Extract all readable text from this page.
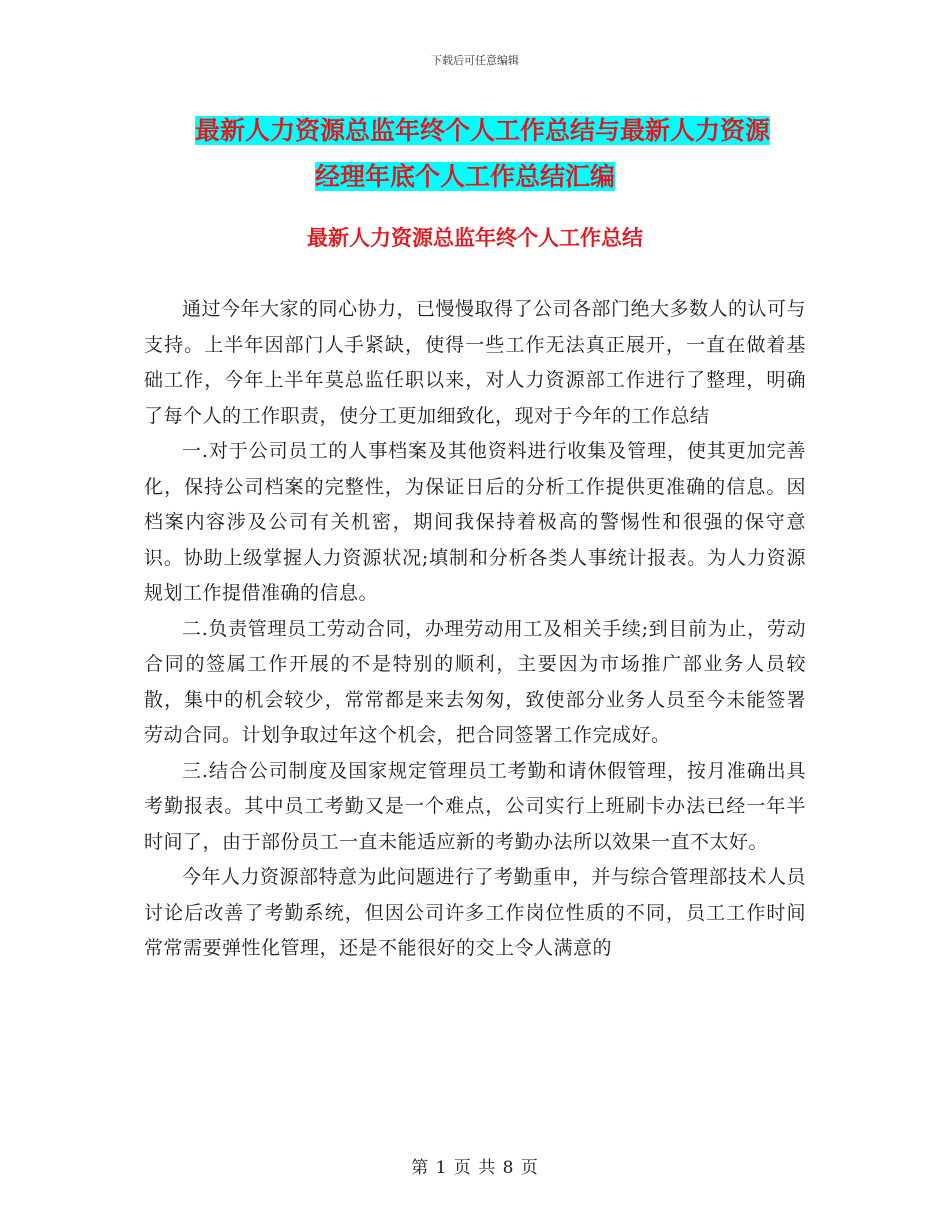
下载后可任意编辑
最新人力资源总监年终个人工作总结与最新人力资源
经理年底个人工作总结汇编
最新人力资源总监年终个人工作总结

通过今年大家的同心协力，已慢慢取得了公司各部门绝大多数人的认可与支持。上半年因部门人手紧缺，使得一些工作无法真正展开，一直在做着基础工作，今年上半年莫总监任职以来，对人力资源部工作进行了整理，明确了每个人的工作职责，使分工更加细致化，现对于今年的工作总结

一.对于公司员工的人事档案及其他资料进行收集及管理，使其更加完善化，保持公司档案的完整性，为保证日后的分析工作提供更准确的信息。因档案内容涉及公司有关机密，期间我保持着极高的警惕性和很强的保守意识。协助上级掌握人力资源状况;填制和分析各类人事统计报表。为人力资源规划工作提借准确的信息。

二.负责管理员工劳动合同，办理劳动用工及相关手续;到目前为止，劳动合同的签属工作开展的不是特别的顺利，主要因为市场推广部业务人员较散，集中的机会较少，常常都是来去匆匆，致使部分业务人员至今未能签署劳动合同。计划争取过年这个机会，把合同签署工作完成好。

三.结合公司制度及国家规定管理员工考勤和请休假管理，按月准确出具考勤报表。其中员工考勤又是一个难点，公司实行上班刷卡办法已经一年半时间了，由于部份员工一直未能适应新的考勤办法所以效果一直不太好。

今年人力资源部特意为此问题进行了考勤重申，并与综合管理部技术人员讨论后改善了考勤系统，但因公司许多工作岗位性质的不同，员工工作时间常常需要弹性化管理，还是不能很好的交上令人满意的

第 1 页 共 8 页
